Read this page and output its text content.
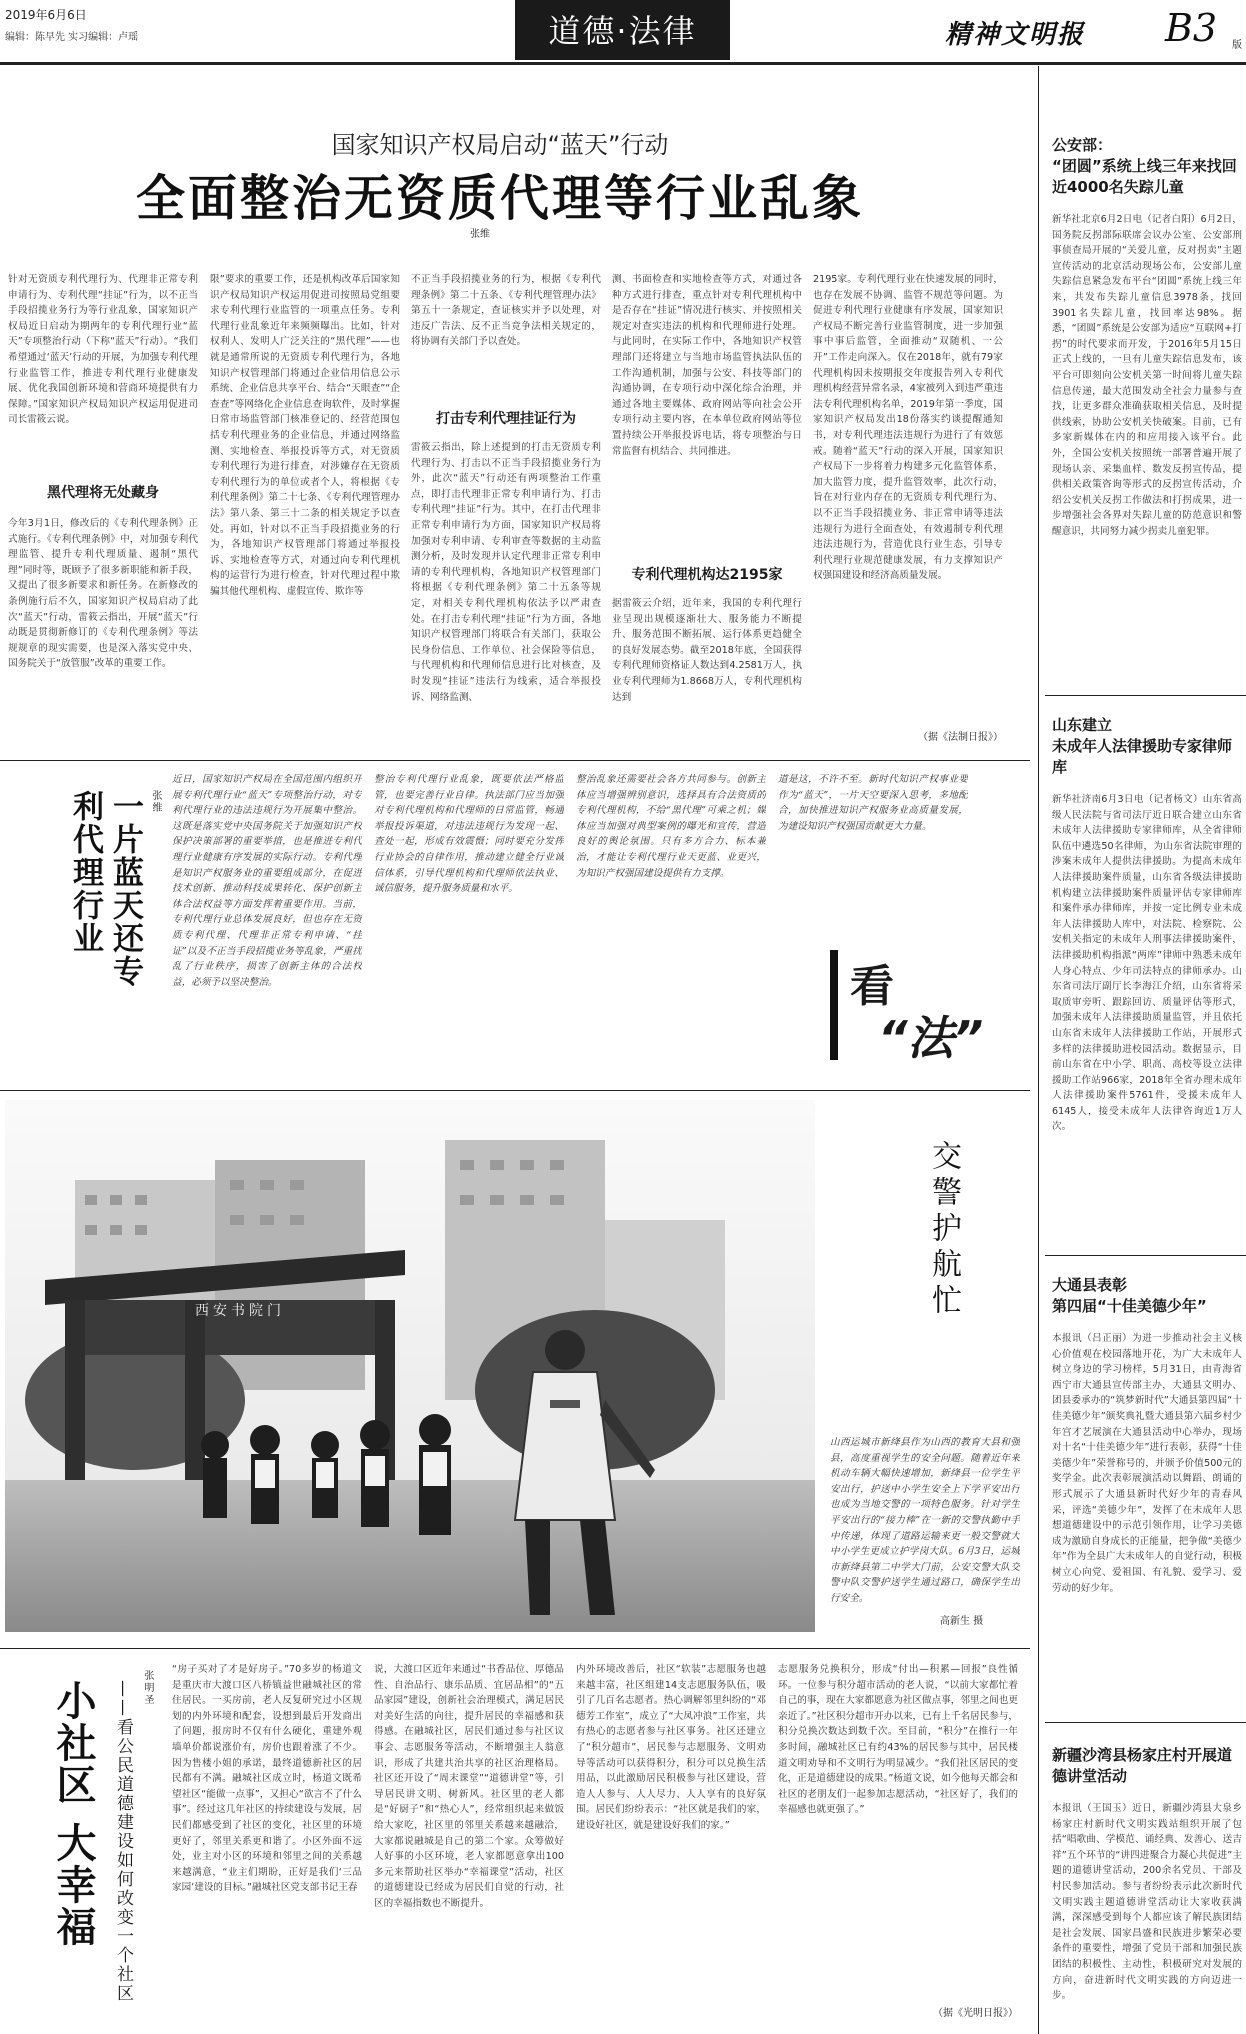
2019年6月6日
编辑：陈早先 实习编辑：卢瑶	道德·法律	精神文明报 B3 版
国家知识产权局启动“蓝天”行动
全面整治无资质代理等行业乱象
张维
针对无资质专利代理行为、代理非正常专利申请行为、专利代理“挂证”行为，以不正当手段招揽业务行为等行业乱象，国家知识产权局近日启动为期两年的专利代理行业“蓝天”专项整治行动（下称“蓝天”行动）。“我们希望通过‘蓝天’行动的开展，为加强专利代理行业监管工作，推进专利代理行业健康发展、优化我国创新环境和营商环境提供有力保障。”国家知识产权局知识产权运用促进司司长雷筱云说。
黑代理将无处藏身
今年3月1日，修改后的《专利代理条例》正式施行。《专利代理条例》中，对加强专利代理监管、提升专利代理质量、遏制“黑代理”同时等，既顾予了很多新职能和新手段，又提出了很多新要求和新任务。在新修改的条例施行后不久，国家知识产权局启动了此次“蓝天”行动，雷筱云指出，开展“蓝天”行动既是贯彻新修订的《专利代理条例》等法规规章的现实需要，也是深入落实党中央、国务院关于“放管服”改革的重要工作。
限”要求的重要工作，还是机构改革后国家知识产权局知识产权运用促进司按照局党组要求专利代理行业监管的一项重点任务。专利代理行业乱象近年来频频曝出。比如，针对权利人、发明人广泛关注的“黑代理”——也就是通常所说的无资质专利代理行为，各地知识产权管理部门将通过企业信用信息公示系统、企业信息共享平台、结合“天眼查”“企查查”等网络化企业信息查询软件，及时掌握日常市场监管部门核准登记的、经营范围包括专利代理业务的企业信息，并通过网络监测、实地检查、举报投诉等方式，对无资质专利代理行为进行排查，对涉嫌存在无资质专利代理行为的单位或者个人，将根据《专利代理条例》第二十七条、《专利代理管理办法》第八条、第三十二条的相关规定予以查处。再如，针对以不正当手段招揽业务的行为，各地知识产权管理部门将通过举报投诉、实地检查等方式，对通过向专利代理机构的运营行为进行检查，针对代理过程中欺骗其他代理机构、虚假宣传、欺诈等
不正当手段招揽业务的行为，根据《专利代理条例》第二十五条、《专利代理管理办法》第五十一条规定，查证核实并予以处理，对违反广告法、反不正当竞争法相关规定的，将协调有关部门予以查处。
打击专利代理挂证行为
雷筱云指出，除上述提到的打击无资质专利代理行为、打击以不正当手段招揽业务行为外，此次“蓝天”行动还有两项整治工作重点，即打击代理非正常专利申请行为、打击专利代理“挂证”行为。其中，在打击代理非正常专利申请行为方面，国家知识产权局将加强对专利申请、专利审查等数据的主动监测分析，及时发现并认定代理非正常专利申请的专利代理机构，各地知识产权管理部门将根据《专利代理条例》第二十五条等规定，对相关专利代理机构依法予以严肃查处。在打击专利代理“挂证”行为方面，各地知识产权管理部门将联合有关部门，获取公民身份信息、工作单位、社会保险等信息，与代理机构和代理师信息进行比对核查，及时发现“挂证”违法行为线索，适合举报投诉、网络监测、
测、书面检查和实地检查等方式，对通过各种方式进行排查，重点针对专利代理机构中是否存在“挂证”情况进行核实、并按照相关规定对查实违法的机构和代理师进行处理。与此同时，在实际工作中，各地知识产权管理部门还将建立与当地市场监管执法队伍的工作沟通机制，加强与公安、科技等部门的沟通协调，在专项行动中深化综合治理，并通过各地主要媒体、政府网站等向社会公开专项行动主要内容，在本单位政府网站等位置持续公开举报投诉电话，将专项整治与日常监督有机结合、共同推进。
专利代理机构达2195家
据雷筱云介绍，近年来，我国的专利代理行业呈现出规模逐渐壮大、服务能力不断提升、服务范围不断拓展、运行体系更趋健全的良好发展态势。截至2018年底，全国获得专利代理师资格证人数达到4.2581万人，执业专利代理师为1.8668万人，专利代理机构达到
2195家。专利代理行业在快速发展的同时，也存在发展不协调、监管不规范等问题。为促进专利代理行业健康有序发展，国家知识产权局不断完善行业监管制度，进一步加强事中事后监管，全面推动“双随机、一公开”工作走向深入。仅在2018年，就有79家代理机构因未按期报交年度报告列入专利代理机构经营异常名录，4家被列入到违严重违法专利代理机构名单，2019年第一季度，国家知识产权局发出18份落实约谈提醒通知书，对专利代理违法违规行为进行了有效惩戒。随着“蓝天”行动的深入开展，国家知识产权局下一步将着力构建多元化监管体系，加大监管力度，提升监管效率，此次行动，旨在对行业内存在的无资质专利代理行为、以不正当手段招揽业务、非正常申请等违法违规行为进行全面查处，有效遏制专利代理违法违规行为，营造优良行业生态，引导专利代理行业规范健康发展，有力支撑知识产权强国建设和经济高质量发展。
（据《法制日报》）
公安部：
“团圆”系统上线三年来找回近4000名失踪儿童
新华社北京6月2日电（记者白阳）6月2日，国务院反拐部际联席会议办公室、公安部刑事侦查局开展的“关爱儿童，反对拐卖”主题宣传活动的北京活动现场公布，公安部儿童失踪信息紧急发布平台“团圆”系统上线三年来，共发布失踪儿童信息3978条，找回3901名失踪儿童，找回率达98%。据悉，“团圆”系统是公安部为适应“互联网+打拐”的时代要求而开发，于2016年5月15日正式上线的，一旦有儿童失踪信息发布，该平台可即刻向公安机关第一时间将儿童失踪信息传递，最大范围发动全社会力量参与查找，让更多群众准确获取相关信息，及时提供线索，协助公安机关快破案。目前，已有多家新媒体在内的和应用接入该平台。此外，全国公安机关按照统一部署普遍开展了现场认亲、采集血样、数发反拐宣传品，提供相关政策咨询等形式的反拐宣传活动，介绍公安机关反拐工作做法和打拐成果，进一步增强社会各界对失踪儿童的防范意识和警醒意识，共同努力减少拐卖儿童犯罪。
山东建立
未成年人法律援助专家律师库
新华社济南6月3日电（记者杨文）山东省高级人民法院与省司法厅近日联合建立山东省未成年人法律援助专家律师库，从全省律师队伍中遴选50名律师，为山东省法院审理的涉案未成年人提供法律援助。为提高未成年人法律援助案件质量，山东省各级法律援助机构建立法律援助案件质量评估专家律师库和案件承办律师库，并按一定比例专业未成年人法律援助人库中，对法院、检察院、公安机关指定的未成年人刑事法律援助案件，法律援助机构指派“两库”律师中熟悉未成年人身心特点、少年司法特点的律师承办。山东省司法厅副厅长李海江介绍，山东省将采取质审旁听、跟踪回访、质量评估等形式，加强未成年人法律援助质量监管，并且依托山东省未成年人法律援助工作站，开展形式多样的法律援助进校园活动。数据显示，目前山东省在中小学、职高、高校等设立法律援助工作站966家，2018年全省办理未成年人法律援助案件5761件，受援未成年人6145人，接受未成年人法律咨询近1万人次。
大通县表彰
第四届“十佳美德少年”
本报讯（吕正丽）为进一步推动社会主义核心价值观在校园落地开花，为广大未成年人树立身边的学习榜样，5月31日，由青海省西宁市大通县宣传部主办，大通县文明办、团县委承办的“筑梦新时代”大通县第四届“十佳美德少年”颁奖典礼暨大通县第六届乡村少年宫才艺展演在大通县活动中心举办，现场对十名“十佳美德少年”进行表彰，获得“十佳美德少年”荣誉称号的，并颁予价值500元的奖学金。此次表彰展演活动以舞蹈、朗诵的形式展示了大通县新时代好少年的青春风采，评选“美德少年”，发挥了在未成年人思想道德建设中的示范引领作用，让学习美德成为激励自身成长的正能量，把争做“美德少年”作为全县广大未成年人的自觉行动，积极树立心向党、爱祖国、有礼貌、爱学习、爱劳动的好少年。
新疆沙湾县杨家庄村开展道德讲堂活动
本报讯（王国玉）近日，新疆沙湾县大泉乡杨家庄村新时代文明实践站组织开展了包括“唱歌曲、学模范、诵经典、发善心、送吉祥”五个环节的“讲四进聚合力凝心共促进”主题的道德讲堂活动，200余名党员、干部及村民参加活动。参与者纷纷表示此次新时代文明实践主题道德讲堂活动让大家收获满满，深深感受到每个人都应该了解民族团结是社会发展、国家昌盛和民族进步繁荣必要条件的重要性，增强了党员干部和加强民族团结的积极性、主动性，积极研究对发展的方向，奋进新时代文明实践的方向迈进一步。
一片蓝天还专利代理行业	张维
近日，国家知识产权局在全国范围内组织开展专利代理行业“蓝天”专项整治行动，对专利代理行业的违法违规行为开展集中整治。这既是落实党中央国务院关于加强知识产权保护决策部署的重要举措，也是推进专利代理行业健康有序发展的实际行动。专利代理是知识产权服务业的重要组成部分，在促进技术创新、推动科技成果转化、保护创新主体合法权益等方面发挥着重要作用。当前，专利代理行业总体发展良好，但也存在无资质专利代理、代理非正常专利申请、“挂证”以及不正当手段招揽业务等乱象，严重扰乱了行业秩序，损害了创新主体的合法权益，必须予以坚决整治。
整治专利代理行业乱象，既要依法严格监管，也要完善行业自律。执法部门应当加强对专利代理机构和代理师的日常监管，畅通举报投诉渠道，对违法违规行为发现一起、查处一起，形成有效震慑；同时要充分发挥行业协会的自律作用，推动建立健全行业诚信体系，引导代理机构和代理师依法执业、诚信服务，提升服务质量和水平。
整治乱象还需要社会各方共同参与。创新主体应当增强辨别意识，选择具有合法资质的专利代理机构，不给“黑代理”可乘之机；媒体应当加强对典型案例的曝光和宣传，营造良好的舆论氛围。只有多方合力、标本兼治，才能让专利代理行业天更蓝、业更兴，为知识产权强国建设提供有力支撑。
道是这，不许不至。新时代知识产权事业要作为“蓝天”，一片天空要深入思考，多地配合，加快推进知识产权服务业高质量发展，为建设知识产权强国贡献更大力量。
看
“法”
西安书院门	交警护航忙
山西运城市新绛县作为山西的教育大县和强县，高度重视学生的安全问题。随着近年来机动车辆大幅快速增加，新绛县一位学生平安出行，护送中小学生安全上下学平安出行也成为当地交警的一项特色服务。针对学生平安出行的“接力棒”在一新的交警执勤中手中传递，体现了道路运输来更一般交警就大中小学生更成立护学岗大队。6月3日，运城市新绛县第二中学大门前，公安交警大队交警中队交警护送学生通过路口，确保学生出行安全。
高新生 摄
小社区 大幸福 ——看公民道德建设如何改变一个社区 张明圣
“房子买对了才是好房子。”70多岁的杨道文是重庆市大渡口区八桥镇益世融城社区的常住居民。一买房前，老人反复研究过小区规划的内外环境和配套，设想到最后开发商出了问题，报房时不仅有什么硬化，重建外观墙单价都说涨价有，房价也跟着涨了不少。因为售楼小姐的承诺，最终道德新社区的居民都有不满。融城社区成立时，杨道文既希望社区“能做一点事”，又担心“欲言不了什么事”。经过这几年社区的持续建设与发展，居民们都感受到了社区的变化，社区里的环境更好了，邻里关系更和谐了。小区外面不远处，业主对小区的环境和邻里之间的关系越来越满意，“业主们期盼，正好是我们‘三品家园’建设的目标。”融城社区党支部书记王春
说，大渡口区近年来通过“书香品位、厚德品性、自治品行、康乐品质、宜居品相”的“五品家园”建设，创新社会治理模式，满足居民对美好生活的向往，提升居民的幸福感和获得感。在融城社区，居民们通过参与社区议事会、志愿服务等活动，不断增强主人翁意识，形成了共建共治共享的社区治理格局。社区还开设了“周末课堂”“道德讲堂”等，引导居民讲文明、树新风。社区里的老人都是“好厨子”和“热心人”，经常组织起来做饭给大家吃，社区里的邻里关系越来越融洽，大家都说融城是自己的第二个家。众筹做好人好事的小区环境，老人家都愿意拿出100多元来帮助社区举办“幸福课堂”活动，社区的道德建设已经成为居民们自觉的行动，社区的幸福指数也不断提升。
内外环境改善后，社区“软装”志愿服务也越来越丰富，社区组建14支志愿服务队伍，吸引了几百名志愿者。热心调解邻里纠纷的“邓德芳工作室”，成立了“大凤冲浪”工作室，共有热心的志愿者参与社区事务。社区还建立了“积分超市”，居民参与志愿服务、文明劝导等活动可以获得积分，积分可以兑换生活用品，以此激励居民积极参与社区建设，营造人人参与、人人尽力、人人享有的良好氛围。居民们纷纷表示：“社区就是我们的家，建设好社区，就是建设好我们的家。”
志愿服务兑换积分，形成“付出—积累—回报”良性循环。一位参与积分超市活动的老人说，“以前大家都忙着自己的事，现在大家都愿意为社区做点事，邻里之间也更亲近了。”社区积分超市开办以来，已有上千名居民参与，积分兑换次数达到数千次。至目前，“积分”在推行一年多时间，融城社区已有约43%的居民参与其中，居民楼道文明劝导和不文明行为明显减少。“我们社区居民的变化，正是道德建设的成果。”杨道文说，如今他每天都会和社区的老朋友们一起参加志愿活动，“社区好了，我们的幸福感也就更强了。”
（据《光明日报》）
